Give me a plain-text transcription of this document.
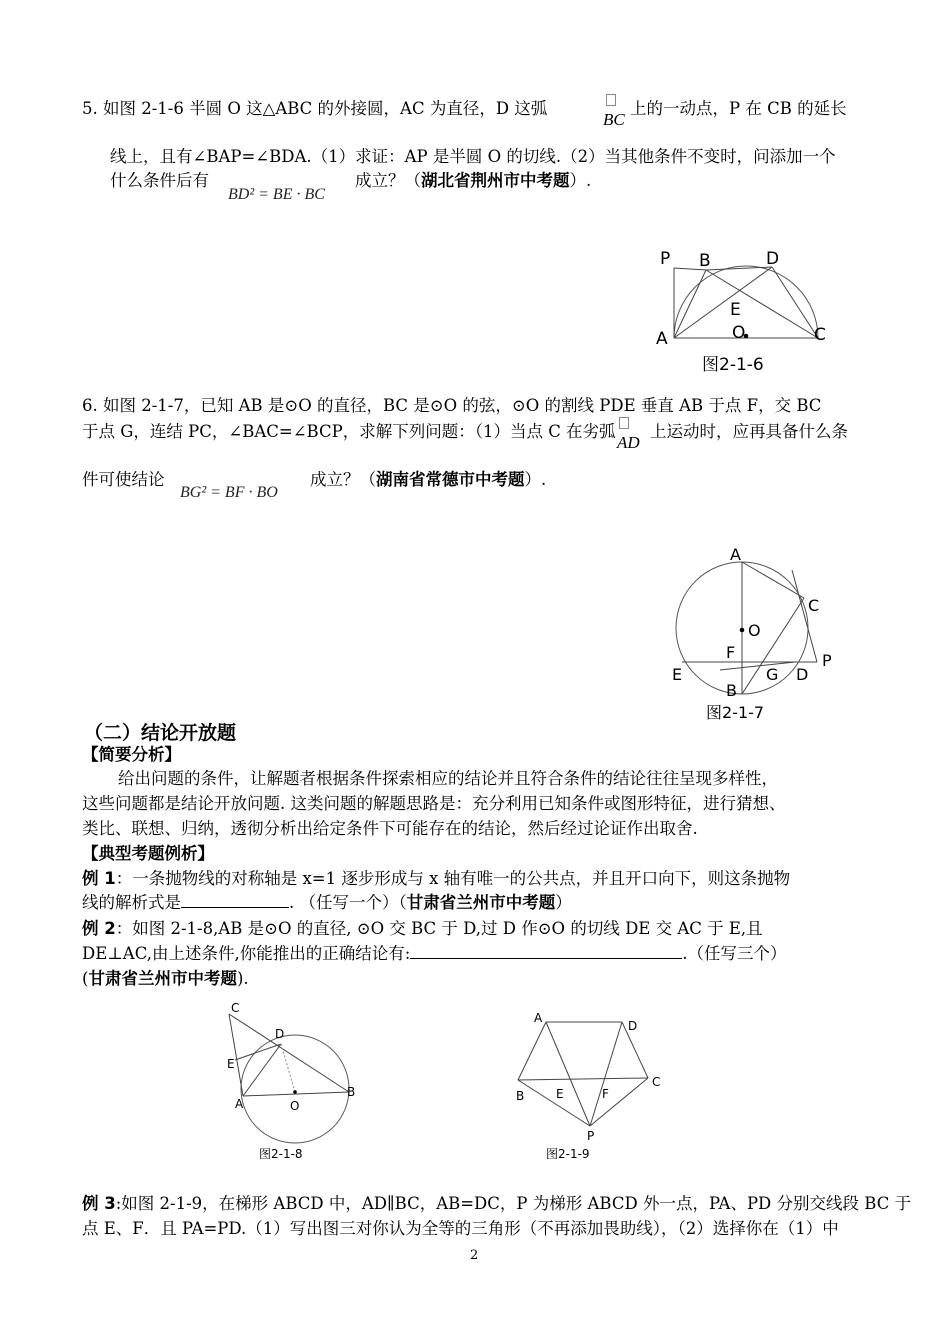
5. 如图 2-1-6 半圆 O 这△ABC 的外接圆，AC 为直径，D 这弧
BC
上的一动点，P 在 CB 的延长
线上，且有∠BAP=∠BDA.（1）求证：AP 是半圆 O 的切线.（2）当其他条件不变时，问添加一个
什么条件后有
BD² = BE · BC
成立？（湖北省荆州市中考题）.
P B	D
E
O
A	C
图2-1-6
6. 如图 2-1-7，已知 AB 是⊙O 的直径，BC 是⊙O 的弦，⊙O 的割线 PDE 垂直 AB 于点 F，交 BC
于点 G，连结 PC，∠BAC=∠BCP，求解下列问题：（1）当点 C 在劣弧
AD
上运动时，应再具备什么条
件可使结论
BG² = BF · BO
成立？（湖南省常德市中考题）.
A
C
O
F	P
E	G D
B
图2-1-7
（二）结论开放题
【简要分析】
给出问题的条件，让解题者根据条件探索相应的结论并且符合条件的结论往往呈现多样性，
这些问题都是结论开放问题. 这类问题的解题思路是：充分利用已知条件或图形特征，进行猜想、
类比、联想、归纳，透彻分析出给定条件下可能存在的结论，然后经过论证作出取舍.
【典型考题例析】
例 1：一条抛物线的对称轴是 x=1 逐步形成与 x 轴有唯一的公共点，并且开口向下，则这条抛物
线的解析式是	. （任写一个）（甘肃省兰州市中考题）
例 2：如图 2-1-8,AB 是⊙O 的直径, ⊙O 交 BC 于 D,过 D 作⊙O 的切线 DE 交 AC 于 E,且
DE⊥AC,由上述条件,你能推出的正确结论有:	.（任写三个）
(甘肃省兰州市中考题).
C
D
E
A	O
B
图2-1-8
A
D
C
B	E	F
P
图2-1-9
例 3:如图 2-1-9，在梯形 ABCD 中，AD∥BC，AB=DC，P 为梯形 ABCD 外一点，PA、PD 分别交线段 BC 于
点 E、F．且 PA=PD.（1）写出图三对你认为全等的三角形（不再添加畏助线），（2）选择你在（1）中
2
